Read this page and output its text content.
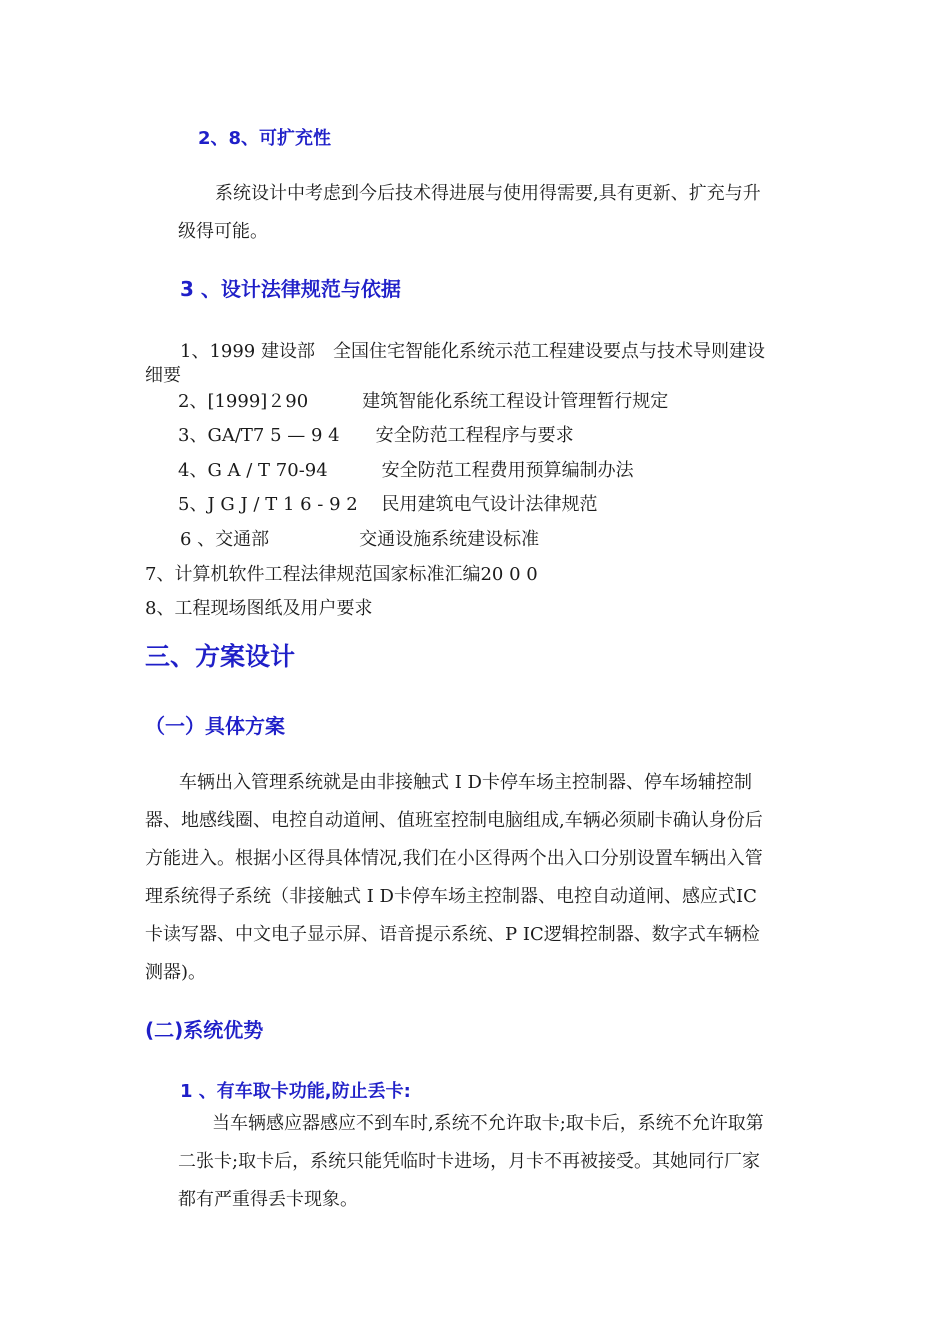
2、8、可扩充性
系统设计中考虑到今后技术得进展与使用得需要,具有更新、扩充与升
级得可能。
3 、设计法律规范与依据
1、1999 建设部　全国住宅智能化系统示范工程建设要点与技术导则建设
细要
2、[1999]２90　　　建筑智能化系统工程设计管理暂行规定
3、GA/T7 5 — 9 4　　安全防范工程程序与要求
4、G A / T 70-94　　　安全防范工程费用预算编制办法
5、J G J / T 1 6 - 9 2　 民用建筑电气设计法律规范
6 、交通部　　　　　交通设施系统建设标准
7、计算机软件工程法律规范国家标准汇编20 0 0
8、工程现场图纸及用户要求
三、方案设计
（一）具体方案
车辆出入管理系统就是由非接触式 I D卡停车场主控制器、停车场辅控制
器、地感线圈、电控自动道闸、值班室控制电脑组成,车辆必须刷卡确认身份后
方能进入。根据小区得具体情况,我们在小区得两个出入口分别设置车辆出入管
理系统得子系统（非接触式 I D卡停车场主控制器、电控自动道闸、感应式IC
卡读写器、中文电子显示屏、语音提示系统、P IC逻辑控制器、数字式车辆检
测器)。
(二)系统优势
1 、有车取卡功能,防止丢卡:
当车辆感应器感应不到车时,系统不允许取卡;取卡后，系统不允许取第
二张卡;取卡后，系统只能凭临时卡进场，月卡不再被接受。其她同行厂家
都有严重得丢卡现象。
